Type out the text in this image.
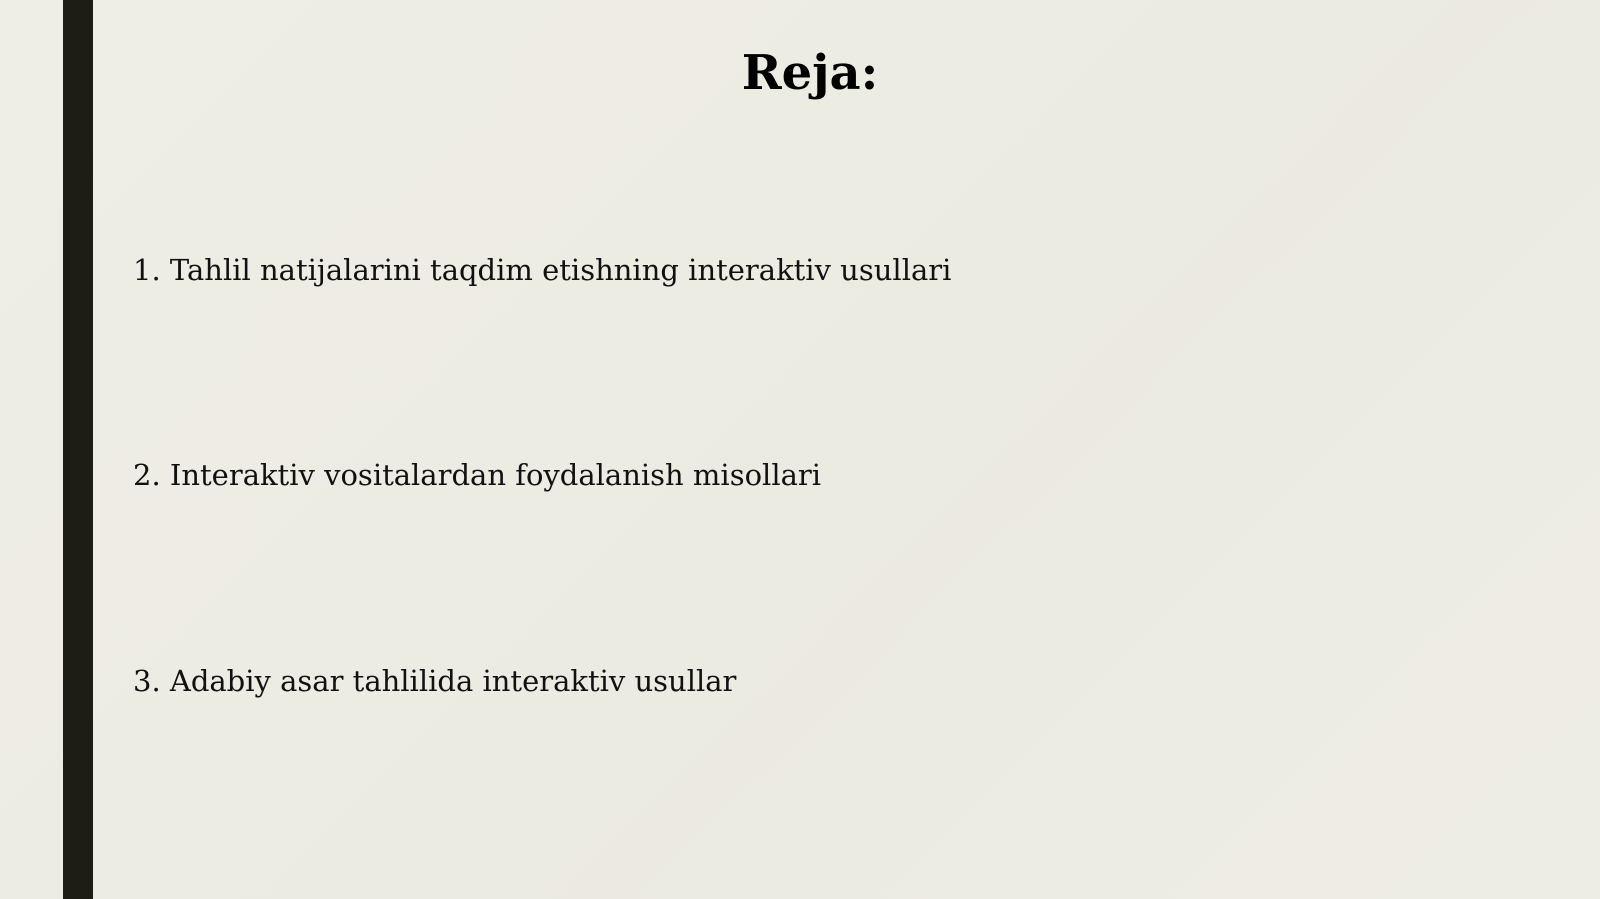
Reja:
1. Tahlil natijalarini taqdim etishning interaktiv usullari
2. Interaktiv vositalardan foydalanish misollari
3. Adabiy asar tahlilida interaktiv usullar
